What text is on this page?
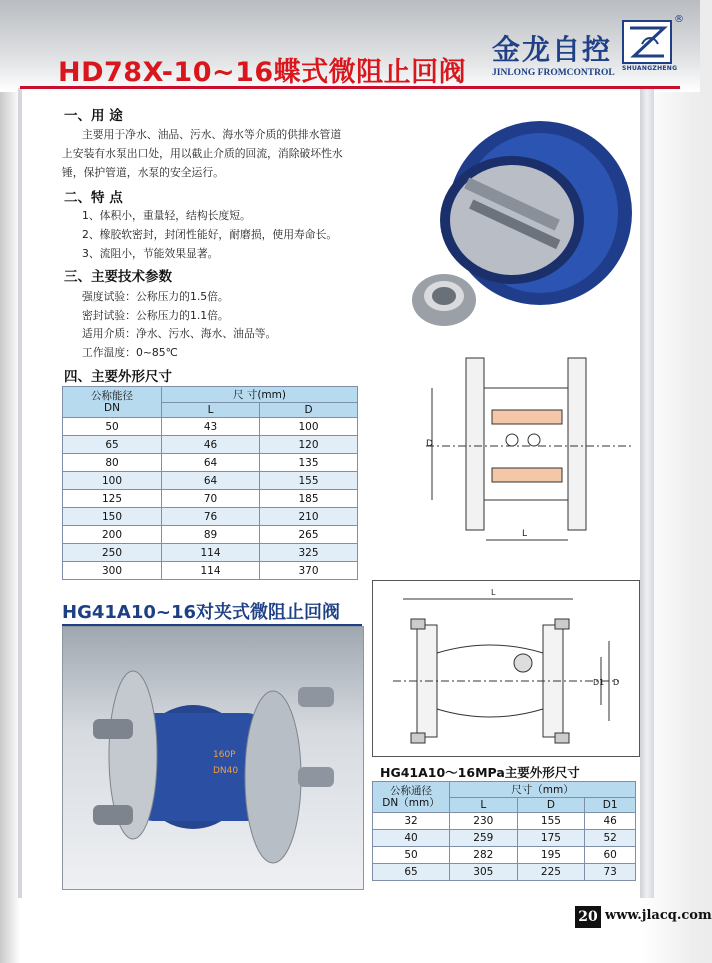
HD78X-10~16蝶式微阻止回阀
金龙自控
JINLONG FROMCONTROL
®
SHUANGZHENG
一、用 途
主要用于净水、油品、污水、海水等介质的供排水管道
上安装有水泵出口处，用以截止介质的回流，消除破坏性水
锤，保护管道，水泵的安全运行。
二、特 点
1、体积小，重量轻，结构长度短。
2、橡胶软密封，封闭性能好，耐磨损，使用寿命长。
3、流阻小，节能效果显著。
三、主要技术参数
强度试验：公称压力的1.5倍。
密封试验：公称压力的1.1倍。
适用介质：净水、污水、海水、油品等。
工作温度：0~85℃
四、主要外形尺寸
公称能径
DN	尺 寸(mm)	
	L	D
50	43	100
65	46	120
80	64	135
100	64	155
125	70	185
150	76	210
200	89	265
250	114	325
300	114	370
D
L
HG41A10~16对夹式微阻止回阀
160P
DN40
L
D1 D
HG41A10～16MPa主要外形尺寸
公称通径
DN（mm）	尺寸（mm）		
	L	D	D1
32	230	155	46
40	259	175	52
50	282	195	60
65	305	225	73
20 www.jlacq.com
